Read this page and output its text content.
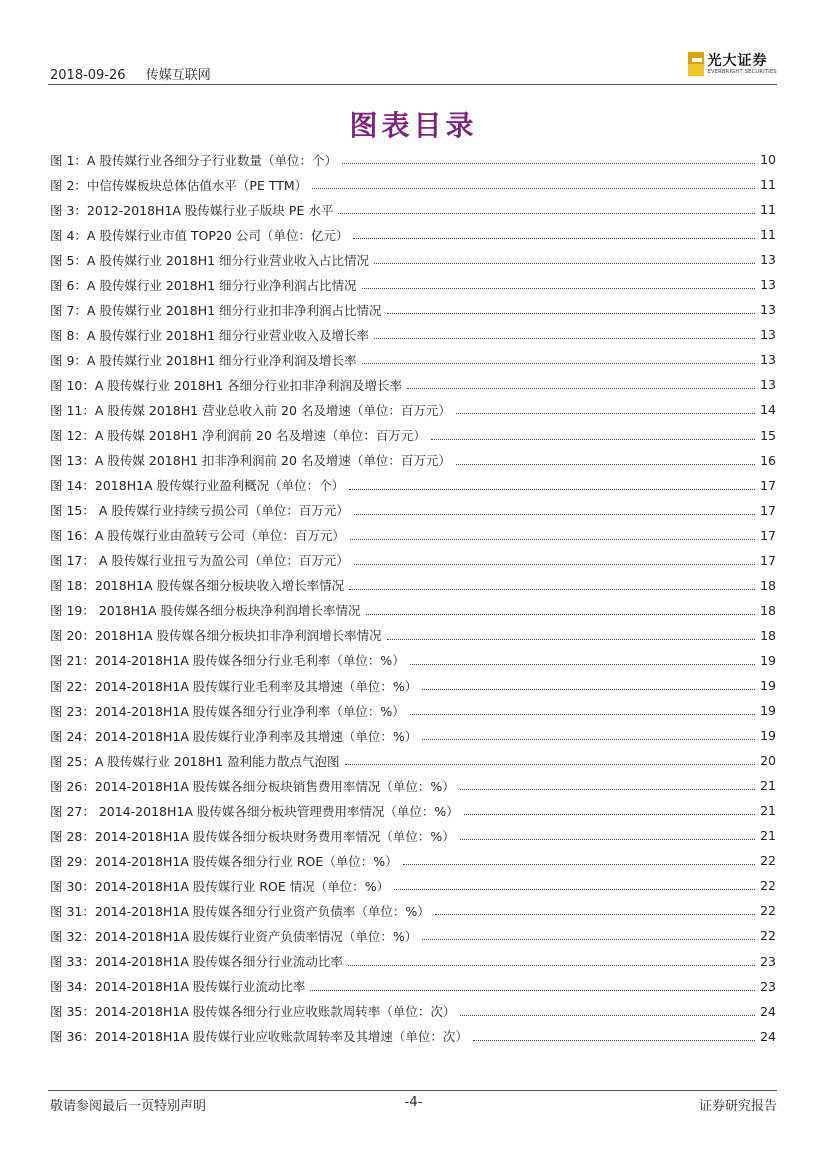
2018-09-26 传媒互联网
光大证券
EVERBRIGHT SECURITIES
图表目录
图 1：A 股传媒行业各细分子行业数量（单位：个）	10
图 2：中信传媒板块总体估值水平（PE TTM）	11
图 3：2012-2018H1A 股传媒行业子版块 PE 水平	11
图 4：A 股传媒行业市值 TOP20 公司（单位：亿元）	11
图 5：A 股传媒行业 2018H1 细分行业营业收入占比情况	13
图 6：A 股传媒行业 2018H1 细分行业净利润占比情况	13
图 7：A 股传媒行业 2018H1 细分行业扣非净利润占比情况	13
图 8：A 股传媒行业 2018H1 细分行业营业收入及增长率	13
图 9：A 股传媒行业 2018H1 细分行业净利润及增长率	13
图 10：A 股传媒行业 2018H1 各细分行业扣非净利润及增长率	13
图 11：A 股传媒 2018H1 营业总收入前 20 名及增速（单位：百万元）	14
图 12：A 股传媒 2018H1 净利润前 20 名及增速（单位：百万元）	15
图 13：A 股传媒 2018H1 扣非净利润前 20 名及增速（单位：百万元）	16
图 14：2018H1A 股传媒行业盈利概况（单位：个）	17
图 15： A 股传媒行业持续亏损公司（单位：百万元）	17
图 16：A 股传媒行业由盈转亏公司（单位：百万元）	17
图 17： A 股传媒行业扭亏为盈公司（单位：百万元）	17
图 18：2018H1A 股传媒各细分板块收入增长率情况	18
图 19： 2018H1A 股传媒各细分板块净利润增长率情况	18
图 20：2018H1A 股传媒各细分板块扣非净利润增长率情况	18
图 21：2014-2018H1A 股传媒各细分行业毛利率（单位：%）	19
图 22：2014-2018H1A 股传媒行业毛利率及其增速（单位：%）	19
图 23：2014-2018H1A 股传媒各细分行业净利率（单位：%）	19
图 24：2014-2018H1A 股传媒行业净利率及其增速（单位：%）	19
图 25：A 股传媒行业 2018H1 盈利能力散点气泡图	20
图 26：2014-2018H1A 股传媒各细分板块销售费用率情况（单位：%）	21
图 27： 2014-2018H1A 股传媒各细分板块管理费用率情况（单位：%）	21
图 28：2014-2018H1A 股传媒各细分板块财务费用率情况（单位：%）	21
图 29：2014-2018H1A 股传媒各细分行业 ROE（单位：%）	22
图 30：2014-2018H1A 股传媒行业 ROE 情况（单位：%）	22
图 31：2014-2018H1A 股传媒各细分行业资产负债率（单位：%）	22
图 32：2014-2018H1A 股传媒行业资产负债率情况（单位：%）	22
图 33：2014-2018H1A 股传媒各细分行业流动比率	23
图 34：2014-2018H1A 股传媒行业流动比率	23
图 35：2014-2018H1A 股传媒各细分行业应收账款周转率（单位：次）	24
图 36：2014-2018H1A 股传媒行业应收账款周转率及其增速（单位：次）	24
敬请参阅最后一页特别声明	-4-	证券研究报告
